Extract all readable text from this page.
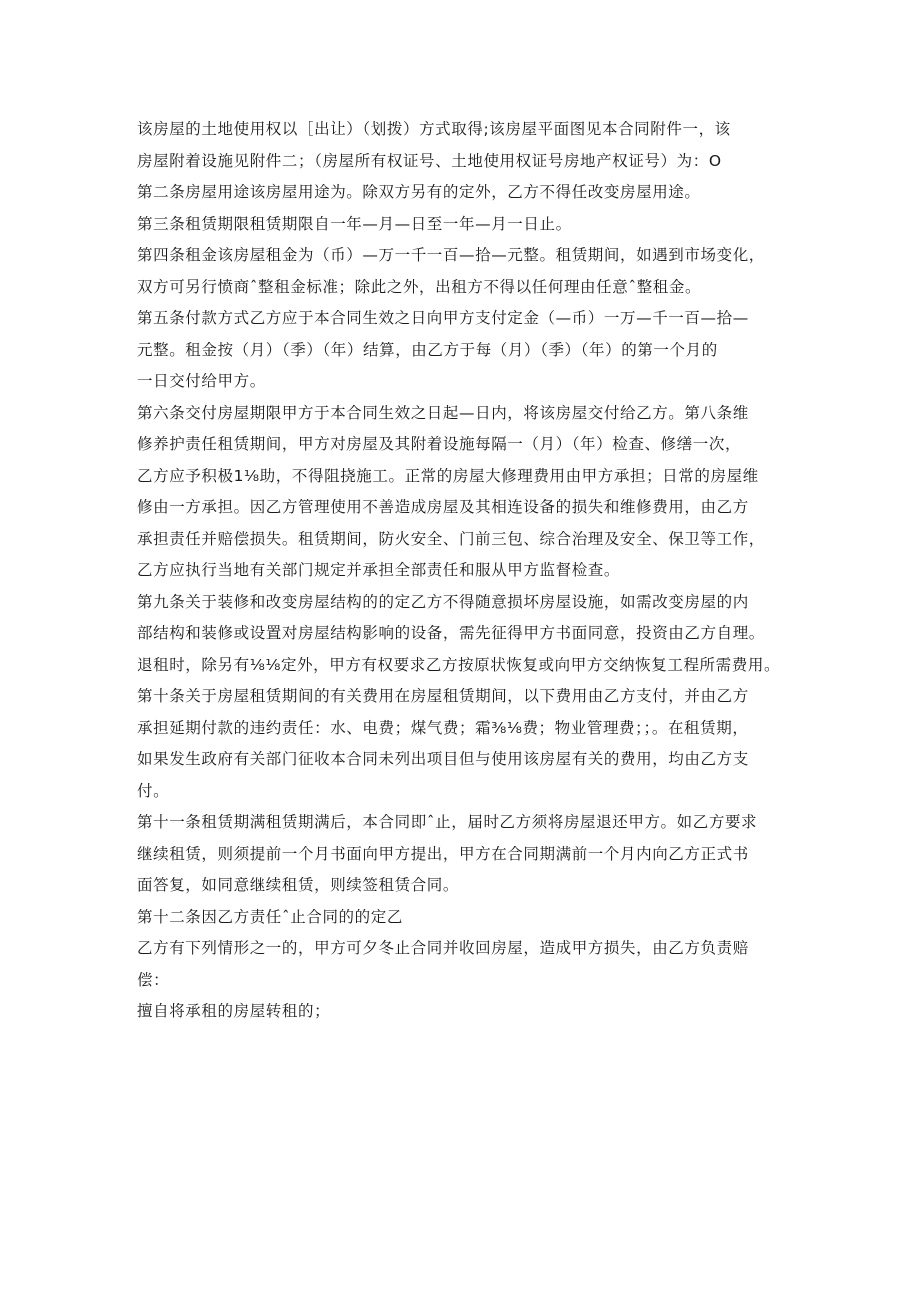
该房屋的土地使用权以［出让）（划拨）方式取得;该房屋平面图见本合同附件一，该
房屋附着设施见附件二；（房屋所有权证号、土地使用权证号房地产权证号）为：O
第二条房屋用途该房屋用途为。除双方另有的定外，乙方不得任改变房屋用途。
第三条租赁期限租赁期限自一年—月—日至一年—月一日止。
第四条租金该房屋租金为（币）—万一千一百—拾—元整。租赁期间，如遇到市场变化，
双方可另行愤商ˆ整租金标准；除此之外，出租方不得以任何理由任意ˆ整租金。
第五条付款方式乙方应于本合同生效之日向甲方支付定金（—币）一万—千一百—拾—
元整。租金按（月）（季）（年）结算，由乙方于每（月）（季）（年）的第一个月的
一日交付给甲方。
第六条交付房屋期限甲方于本合同生效之日起—日内，将该房屋交付给乙方。第八条维
修养护责任租赁期间，甲方对房屋及其附着设施每隔一（月）（年）检查、修缮一次，
乙方应予积极1⅛助，不得阻挠施工。正常的房屋大修理费用由甲方承担；日常的房屋维
修由一方承担。因乙方管理使用不善造成房屋及其相连设备的损失和维修费用，由乙方
承担责任并赔偿损失。租赁期间，防火安全、门前三包、综合治理及安全、保卫等工作，
乙方应执行当地有关部门规定并承担全部责任和服从甲方监督检查。
第九条关于装修和改变房屋结构的的定乙方不得随意损坏房屋设施，如需改变房屋的内
部结构和装修或设置对房屋结构影响的设备，需先征得甲方书面同意，投资由乙方自理。
退租时，除另有⅛⅛定外，甲方有权要求乙方按原状恢复或向甲方交纳恢复工程所需费用。
第十条关于房屋租赁期间的有关费用在房屋租赁期间，以下费用由乙方支付，并由乙方
承担延期付款的违约责任：水、电费；煤气费；霜⅜⅛费；物业管理费；；。在租赁期，
如果发生政府有关部门征收本合同未列出项目但与使用该房屋有关的费用，均由乙方支
付。
第十一条租赁期满租赁期满后，本合同即ˆ止，届时乙方须将房屋退还甲方。如乙方要求
继续租赁，则须提前一个月书面向甲方提出，甲方在合同期满前一个月内向乙方正式书
面答复，如同意继续租赁，则续签租赁合同。
第十二条因乙方责任ˆ止合同的的定乙
乙方有下列情形之一的，甲方可夕冬止合同并收回房屋，造成甲方损失，由乙方负责赔
偿：
擅自将承租的房屋转租的；
